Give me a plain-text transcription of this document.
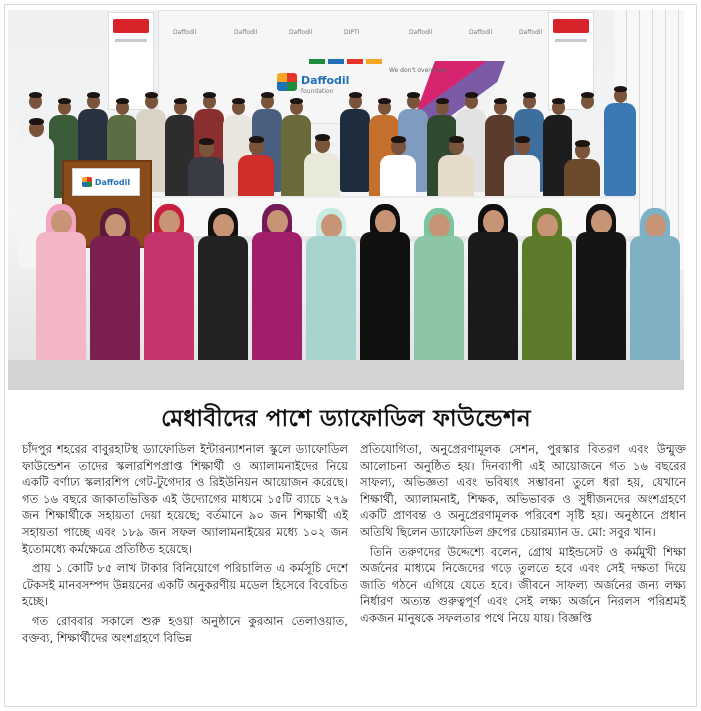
Daffodil	Daffodil	Daffodil	DIPTI	Daffodil	Daffodil	Daffodil
Daffodil
foundation
We don't overcome
Daffodil
মেধাবীদের পাশে ড্যাফোডিল ফাউন্ডেশন

চাঁদপুর শহরের বাবুরহাটস্থ ড্যাফোডিল ইন্টারন্যাশনাল স্কুলে ড্যাফোডিল ফাউন্ডেশন তাদের স্কলারশিপপ্রাপ্ত শিক্ষার্থী ও অ্যালামনাইদের নিয়ে একটি বর্ণাঢ্য স্কলারশিপ গেট-টুগেদার ও রিইউনিয়ন আয়োজন করেছে। গত ১৬ বছরে জাকাতভিত্তিক এই উদ্যোগের মাধ্যমে ১৫টি ব্যাচে ২৭৯ জন শিক্ষার্থীকে সহায়তা দেয়া হয়েছে; বর্তমানে ৯০ জন শিক্ষার্থী এই সহায়তা পাচ্ছে এবং ১৮৯ জন সফল অ্যালামনাইয়ের মধ্যে ১০২ জন ইতোমধ্যে কর্মক্ষেত্রে প্রতিষ্ঠিত হয়েছে।

প্রায় ১ কোটি ৮৫ লাখ টাকার বিনিয়োগে পরিচালিত এ কর্মসূচি দেশে টেকসই মানবসম্পদ উন্নয়নের একটি অনুকরণীয় মডেল হিসেবে বিবেচিত হচ্ছে।

গত রোববার সকালে শুরু হওয়া অনুষ্ঠানে কুরআন তেলাওয়াত, বক্তব্য, শিক্ষার্থীদের অংশগ্রহণে বিভিন্ন

প্রতিযোগিতা, অনুপ্রেরণামূলক সেশন, পুরস্কার বিতরণ এবং উন্মুক্ত আলোচনা অনুষ্ঠিত হয়। দিনব্যাপী এই আয়োজনে গত ১৬ বছরের সাফল্য, অভিজ্ঞতা এবং ভবিষ্যৎ সম্ভাবনা তুলে ধরা হয়, যেখানে শিক্ষার্থী, অ্যালামনাই, শিক্ষক, অভিভাবক ও সুধীজনদের অংশগ্রহণে একটি প্রাণবন্ত ও অনুপ্রেরণামূলক পরিবেশ সৃষ্টি হয়। অনুষ্ঠানে প্রধান অতিথি ছিলেন ড্যাফোডিল গ্রুপের চেয়ারম্যান ড. মো: সবুর খান।

তিনি তরুণদের উদ্দেশ্যে বলেন, গ্রোথ মাইন্ডসেট ও কর্মমুখী শিক্ষা অর্জনের মাধ্যমে নিজেদের গড়ে তুলতে হবে এবং সেই দক্ষতা দিয়ে জাতি গঠনে এগিয়ে যেতে হবে। জীবনে সাফল্য অর্জনের জন্য লক্ষ্য নির্ধারণ অত্যন্ত গুরুত্বপূর্ণ এবং সেই লক্ষ্য অর্জনে নিরলস পরিশ্রমই একজন মানুষকে সফলতার পথে নিয়ে যায়। বিজ্ঞপ্তি
